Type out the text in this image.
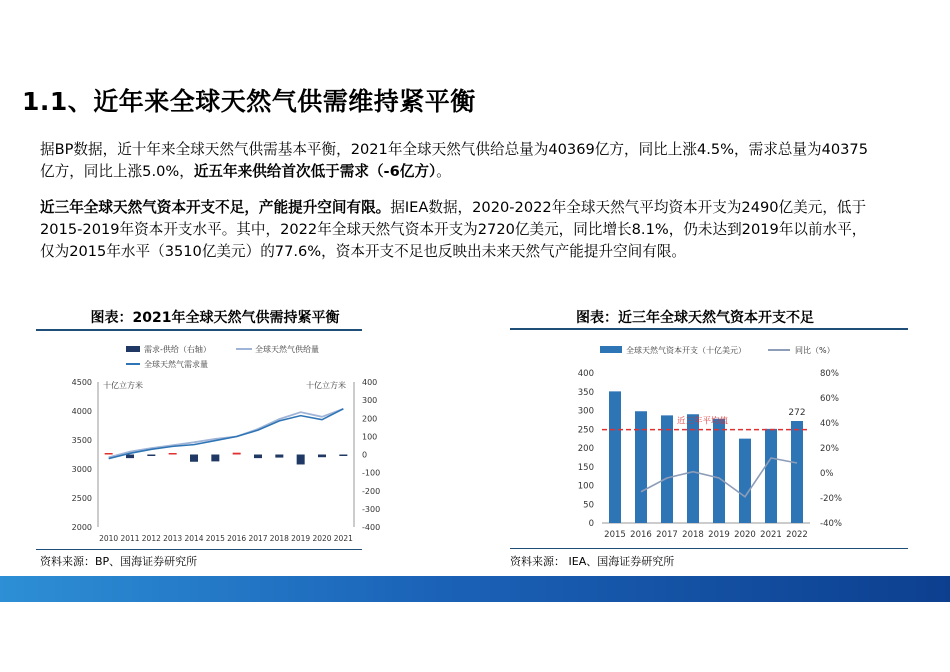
1.1、近年来全球天然气供需维持紧平衡
据BP数据，近十年来全球天然气供需基本平衡，2021年全球天然气供给总量为40369亿方，同比上涨4.5%，需求总量为40375亿方，同比上涨5.0%，近五年来供给首次低于需求（-6亿方）。
近三年全球天然气资本开支不足，产能提升空间有限。据IEA数据，2020-2022年全球天然气平均资本开支为2490亿美元，低于2015-2019年资本开支水平。其中，2022年全球天然气资本开支为2720亿美元，同比增长8.1%，仍未达到2019年以前水平，仅为2015年水平（3510亿美元）的77.6%，资本开支不足也反映出未来天然气产能提升空间有限。
图表：2021年全球天然气供需持紧平衡
2000
2500
3000
3500
4000
4500
-400
-300
-200
-100
0
100
200
300
400
十亿立方米	十亿立方米
2010 2011 2012 2013 2014 2015 2016 2017 2018 2019 2020 2021
需求-供给（右轴）	全球天然气供给量
全球天然气需求量
资料来源：BP、国海证券研究所
图表：近三年全球天然气资本开支不足
0
50
100
150
200
250
300
350
400
-40%
-20%
0%
20%
40%
60%
80%
2015 2016 2017 2018 2019 2020 2021 2022
近三年平均值
272
全球天然气资本开支（十亿美元）	同比（%）
资料来源： IEA、国海证券研究所
